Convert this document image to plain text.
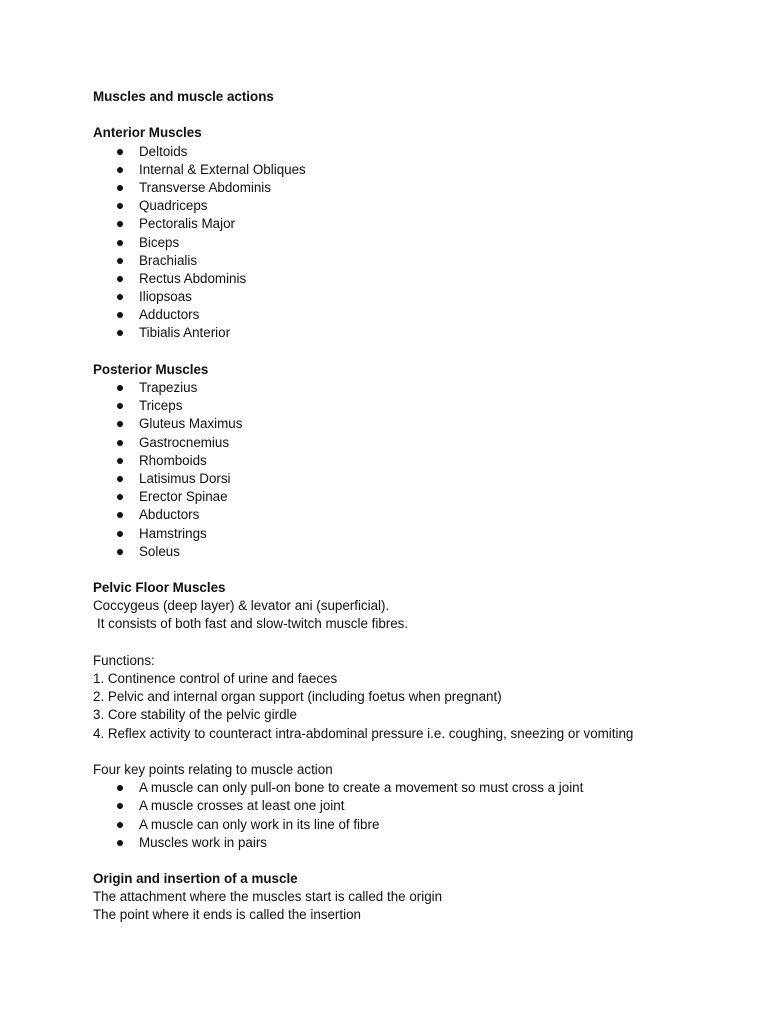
Muscles and muscle actions
Anterior Muscles
Deltoids
Internal & External Obliques
Transverse Abdominis
Quadriceps
Pectoralis Major
Biceps
Brachialis
Rectus Abdominis
Iliopsoas
Adductors
Tibialis Anterior
Posterior Muscles
Trapezius
Triceps
Gluteus Maximus
Gastrocnemius
Rhomboids
Latisimus Dorsi
Erector Spinae
Abductors
Hamstrings
Soleus
Pelvic Floor Muscles
Coccygeus (deep layer) & levator ani (superficial).
It consists of both fast and slow-twitch muscle fibres.
Functions:
1. Continence control of urine and faeces
2. Pelvic and internal organ support (including foetus when pregnant)
3. Core stability of the pelvic girdle
4. Reflex activity to counteract intra-abdominal pressure i.e. coughing, sneezing or vomiting
Four key points relating to muscle action
A muscle can only pull-on bone to create a movement so must cross a joint
A muscle crosses at least one joint
A muscle can only work in its line of fibre
Muscles work in pairs
Origin and insertion of a muscle
The attachment where the muscles start is called the origin
The point where it ends is called the insertion
